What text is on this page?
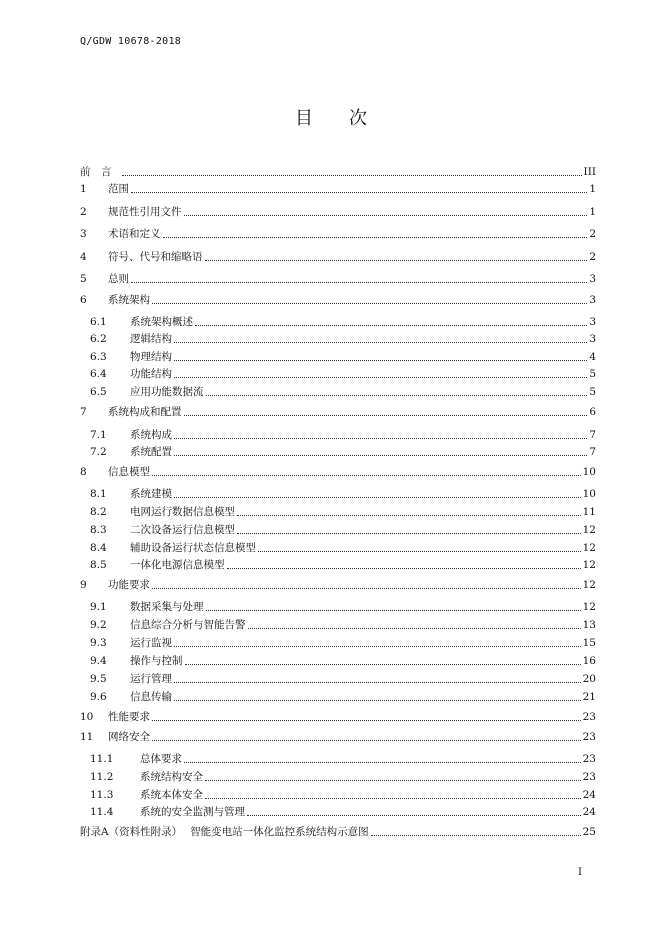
Q/GDW 10678-2018
目 次
前　言	III
1	范围	1
2	规范性引用文件	1
3	术语和定义	2
4	符号、代号和缩略语	2
5	总则	3
6	系统架构	3
6.1	系统架构概述	3
6.2	逻辑结构	3
6.3	物理结构	4
6.4	功能结构	5
6.5	应用功能数据流	5
7	系统构成和配置	6
7.1	系统构成	7
7.2	系统配置	7
8	信息模型	10
8.1	系统建模	10
8.2	电网运行数据信息模型	11
8.3	二次设备运行信息模型	12
8.4	辅助设备运行状态信息模型	12
8.5	一体化电源信息模型	12
9	功能要求	12
9.1	数据采集与处理	12
9.2	信息综合分析与智能告警	13
9.3	运行监视	15
9.4	操作与控制	16
9.5	运行管理	20
9.6	信息传输	21
10	性能要求	23
11	网络安全	23
11.1	总体要求	23
11.2	系统结构安全	23
11.3	系统本体安全	24
11.4	系统的安全监测与管理	24
附录A（资料性附录） 智能变电站一体化监控系统结构示意图	25
I
